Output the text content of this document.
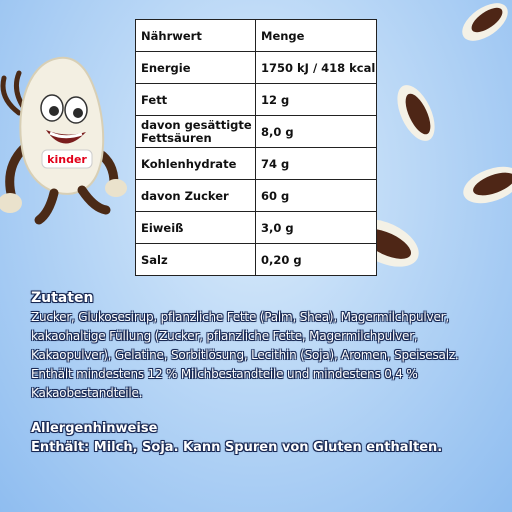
kinder
Nährwert	Menge
Energie	1750 kJ / 418 kcal
Fett	12 g
davon gesättigte Fettsäuren	8,0 g
Kohlenhydrate	74 g
davon Zucker	60 g
Eiweiß	3,0 g
Salz	0,20 g
Zutaten

Zucker, Glukosesirup, pflanzliche Fette (Palm, Shea), Magermilchpulver, kakaohaltige Füllung (Zucker, pflanzliche Fette, Magermilchpulver, Kakaopulver), Gelatine, Sorbitlösung, Lecithin (Soja), Aromen, Speisesalz.

Enthält mindestens 12 % Milchbestandteile und mindestens 0,4 % Kakaobestandteile.

Allergenhinweise
Enthält: Milch, Soja. Kann Spuren von Gluten enthalten.
